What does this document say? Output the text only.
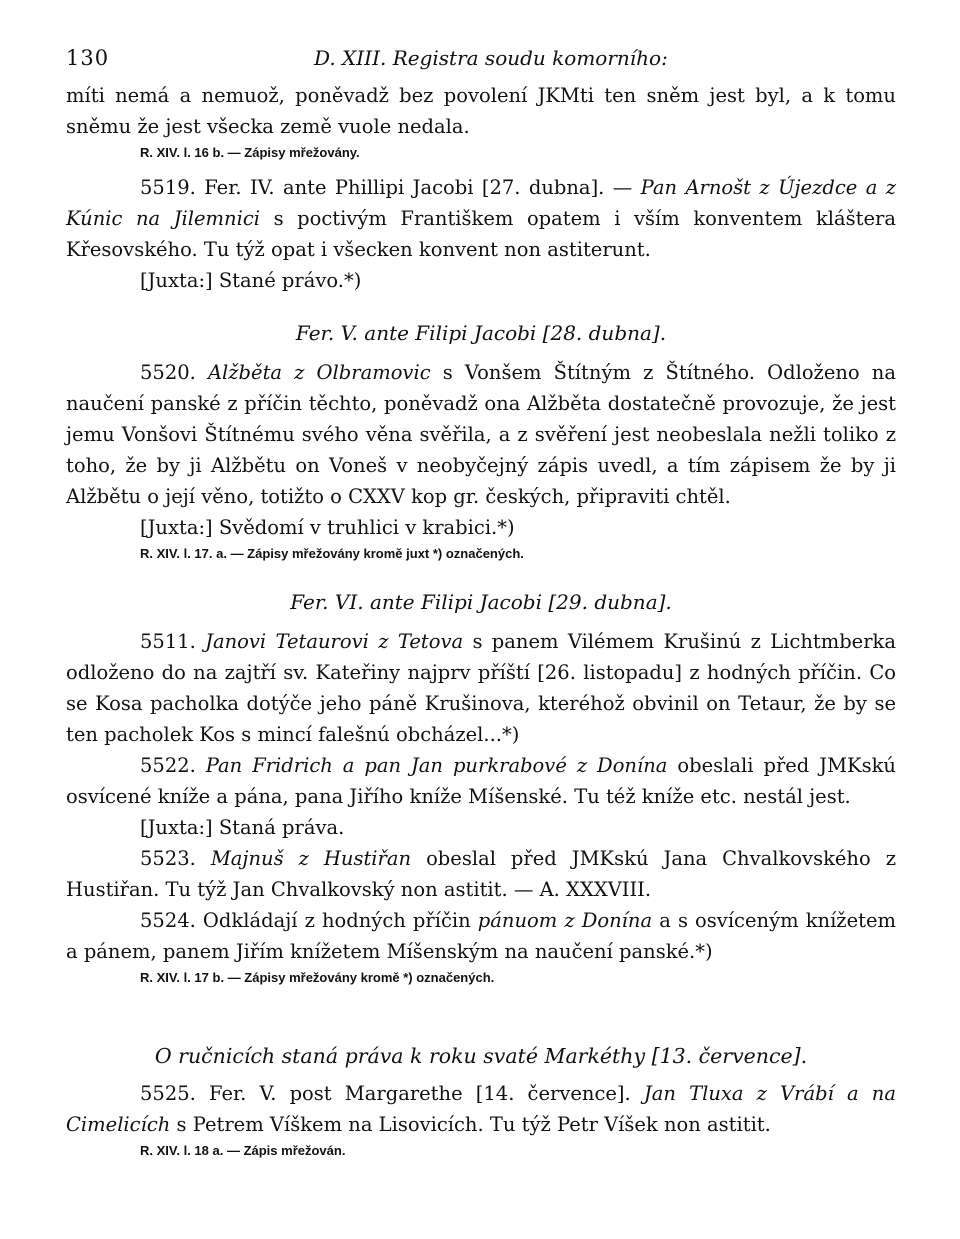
130	D. XIII. Registra soudu komorního:

míti nemá a nemuož, poněvadž bez povolení JKMti ten sněm jest byl, a k tomu sněmu že jest všecka země vuole nedala.

R. XIV. l. 16 b. — Zápisy mřežovány.

5519. Fer. IV. ante Phillipi Jacobi [27. dubna]. — Pan Arnošt z Újezdce a z Kúnic na Jilemnici s poctivým Františkem opatem i vším konventem kláštera Křesovského. Tu týž opat i všecken konvent non astiterunt.

[Juxta:] Stané právo.*)

Fer. V. ante Filipi Jacobi [28. dubna].

5520. Alžběta z Olbramovic s Vonšem Štítným z Štítného. Odloženo na naučení panské z příčin těchto, poněvadž ona Alžběta dostatečně provozuje, že jest jemu Vonšovi Štítnému svého věna svěřila, a z svěření jest neobeslala nežli toliko z toho, že by ji Alžbětu on Voneš v neobyčejný zápis uvedl, a tím zápisem že by ji Alžbětu o její věno, totižto o CXXV kop gr. českých, připraviti chtěl.

[Juxta:] Svědomí v truhlici v krabici.*)

R. XIV. l. 17. a. — Zápisy mřežovány kromě juxt *) označených.
Fer. VI. ante Filipi Jacobi [29. dubna].

5511. Janovi Tetaurovi z Tetova s panem Vilémem Krušinú z Lichtmberka odloženo do na zajtří sv. Kateřiny najprv příští [26. listopadu] z hodných příčin. Co se Kosa pacholka dotýče jeho páně Krušinova, kteréhož obvinil on Tetaur, že by se ten pacholek Kos s mincí falešnú obcházel...*)

5522. Pan Fridrich a pan Jan purkrabové z Donína obeslali před JMKskú osvícené kníže a pána, pana Jiřího kníže Míšenské. Tu též kníže etc. nestál jest.

[Juxta:] Staná práva.

5523. Majnuš z Hustiřan obeslal před JMKskú Jana Chvalkovského z Hustiřan. Tu týž Jan Chvalkovský non astitit. — A. XXXVIII.

5524. Odkládají z hodných příčin pánuom z Donína a s osvíceným knížetem a pánem, panem Jiřím knížetem Míšenským na naučení panské.*)

R. XIV. l. 17 b. — Zápisy mřežovány kromě *) označených.
O ručnicích staná práva k roku svaté Markéthy [13. července].

5525. Fer. V. post Margarethe [14. července]. Jan Tluxa z Vrábí a na Cimelicích s Petrem Víškem na Lisovicích. Tu týž Petr Víšek non astitit.

R. XIV. l. 18 a. — Zápis mřežován.
